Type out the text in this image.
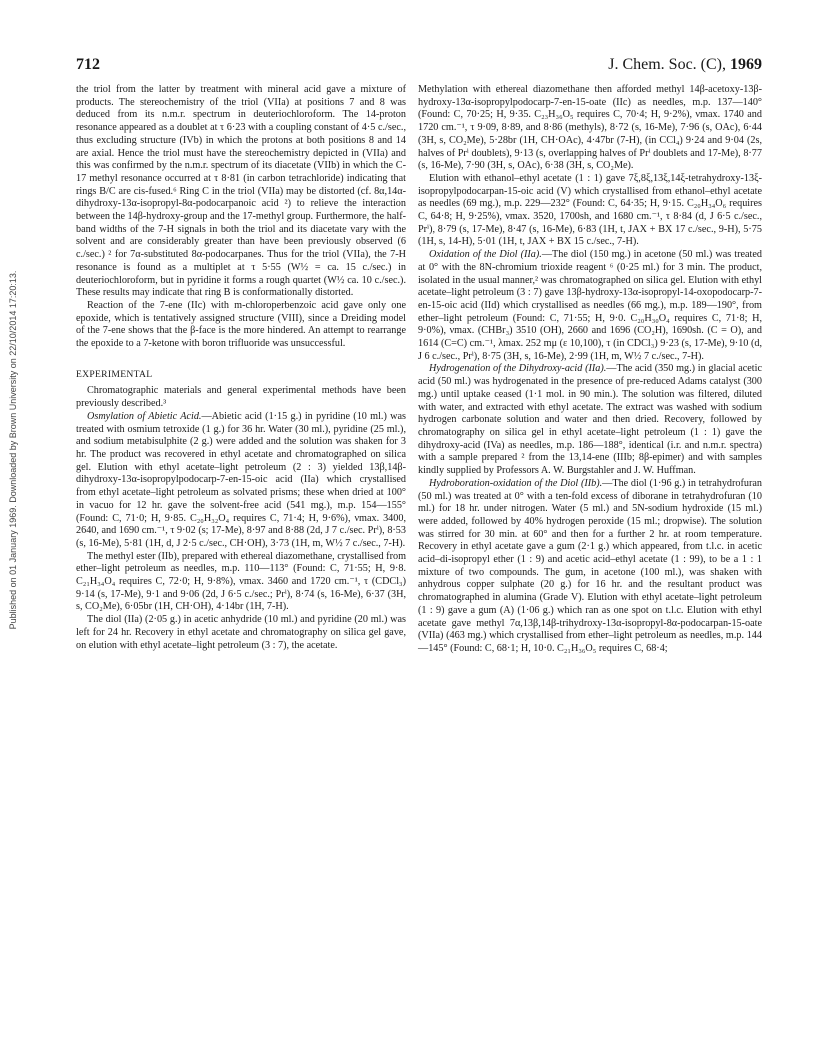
Published on 01 January 1969. Downloaded by Brown University on 22/10/2014 17:20:13.
712	J. Chem. Soc. (C), 1969

the triol from the latter by treatment with mineral acid gave a mixture of products. The stereochemistry of the triol (VIIa) at positions 7 and 8 was deduced from its n.m.r. spectrum in deuteriochloroform. The 14-proton resonance appeared as a doublet at τ 6·23 with a coupling constant of 4·5 c./sec., thus excluding structure (IVb) in which the protons at both positions 8 and 14 are axial. Hence the triol must have the stereochemistry depicted in (VIIa) and this was confirmed by the n.m.r. spectrum of its diacetate (VIIb) in which the C-17 methyl resonance occurred at τ 8·81 (in carbon tetrachloride) indicating that rings B/C are cis-fused.⁶ Ring C in the triol (VIIa) may be distorted (cf. 8α,14α-dihydroxy-13α-isopropyl-8α-podocarpanoic acid ²) to relieve the interaction between the 14β-hydroxy-group and the 17-methyl group. Furthermore, the half-band widths of the 7-H signals in both the triol and its diacetate vary with the solvent and are considerably greater than have been previously observed (6 c./sec.) ² for 7α-substituted 8α-podocarpanes. Thus for the triol (VIIa), the 7-H resonance is found as a multiplet at τ 5·55 (W½ = ca. 15 c./sec.) in deuteriochloroform, but in pyridine it forms a rough quartet (W½ ca. 10 c./sec.). These results may indicate that ring B is conformationally distorted.

Reaction of the 7-ene (IIc) with m-chloroperbenzoic acid gave only one epoxide, which is tentatively assigned structure (VIII), since a Dreiding model of the 7-ene shows that the β-face is the more hindered. An attempt to rearrange the epoxide to a 7-ketone with boron trifluoride was unsuccessful.

EXPERIMENTAL

Chromatographic materials and general experimental methods have been previously described.³

Osmylation of Abietic Acid.—Abietic acid (1·15 g.) in pyridine (10 ml.) was treated with osmium tetroxide (1 g.) for 36 hr. Water (30 ml.), pyridine (25 ml.), and sodium metabisulphite (2 g.) were added and the solution was shaken for 3 hr. The product was recovered in ethyl acetate and chromatographed on silica gel. Elution with ethyl acetate–light petroleum (2 : 3) yielded 13β,14β-dihydroxy-13α-isopropylpodocarp-7-en-15-oic acid (IIa) which crystallised from ethyl acetate–light petroleum as solvated prisms; these when dried at 100° in vacuo for 12 hr. gave the solvent-free acid (541 mg.), m.p. 154—155° (Found: C, 71·0; H, 9·85. C₂₀H₃₂O₄ requires C, 71·4; H, 9·6%), νmax. 3400, 2640, and 1690 cm.⁻¹, τ 9·02 (s; 17-Me), 8·97 and 8·88 (2d, J 7 c./sec. Prⁱ), 8·53 (s, 16-Me), 5·81 (1H, d, J 2·5 c./sec., CH·OH), 3·73 (1H, m, W½ 7 c./sec., 7-H).

The methyl ester (IIb), prepared with ethereal diazomethane, crystallised from ether–light petroleum as needles, m.p. 110—113° (Found: C, 71·55; H, 9·8. C₂₁H₃₄O₄ requires C, 72·0; H, 9·8%), νmax. 3460 and 1720 cm.⁻¹, τ (CDCl₃) 9·14 (s, 17-Me), 9·1 and 9·06 (2d, J 6·5 c./sec.; Prⁱ), 8·74 (s, 16-Me), 6·37 (3H, s, CO₂Me), 6·05br (1H, CH·OH), 4·14br (1H, 7-H).

The diol (IIa) (2·05 g.) in acetic anhydride (10 ml.) and pyridine (20 ml.) was left for 24 hr. Recovery in ethyl acetate and chromatography on silica gel gave, on elution with ethyl acetate–light petroleum (3 : 7), the acetate.

Methylation with ethereal diazomethane then afforded methyl 14β-acetoxy-13β-hydroxy-13α-isopropylpodocarp-7-en-15-oate (IIc) as needles, m.p. 137—140° (Found: C, 70·25; H, 9·35. C₂₃H₃₆O₅ requires C, 70·4; H, 9·2%), νmax. 1740 and 1720 cm.⁻¹, τ 9·09, 8·89, and 8·86 (methyls), 8·72 (s, 16-Me), 7·96 (s, OAc), 6·44 (3H, s, CO₂Me), 5·28br (1H, CH·OAc), 4·47br (7-H), (in CCl₄) 9·24 and 9·04 (2s, halves of Prⁱ doublets), 9·13 (s, overlapping halves of Prⁱ doublets and 17-Me), 8·77 (s, 16-Me), 7·90 (3H, s, OAc), 6·38 (3H, s, CO₂Me).

Elution with ethanol–ethyl acetate (1 : 1) gave 7ξ,8ξ,13ξ,14ξ-tetrahydroxy-13ξ-isopropylpodocarpan-15-oic acid (V) which crystallised from ethanol–ethyl acetate as needles (69 mg.), m.p. 229—232° (Found: C, 64·35; H, 9·15. C₂₀H₃₄O₆ requires C, 64·8; H, 9·25%), νmax. 3520, 1700sh, and 1680 cm.⁻¹, τ 8·84 (d, J 6·5 c./sec., Prⁱ), 8·79 (s, 17-Me), 8·47 (s, 16-Me), 6·83 (1H, t, JAX + BX 17 c./sec., 9-H), 5·75 (1H, s, 14-H), 5·01 (1H, t, JAX + BX 15 c./sec., 7-H).

Oxidation of the Diol (IIa).—The diol (150 mg.) in acetone (50 ml.) was treated at 0° with the 8N-chromium trioxide reagent ⁶ (0·25 ml.) for 3 min. The product, isolated in the usual manner,² was chromatographed on silica gel. Elution with ethyl acetate–light petroleum (3 : 7) gave 13β-hydroxy-13α-isopropyl-14-oxopodocarp-7-en-15-oic acid (IId) which crystallised as needles (66 mg.), m.p. 189—190°, from ether–light petroleum (Found: C, 71·55; H, 9·0. C₂₀H₃₀O₄ requires C, 71·8; H, 9·0%), νmax. (CHBr₃) 3510 (OH), 2660 and 1696 (CO₂H), 1690sh. (C = O), and 1614 (C=C) cm.⁻¹, λmax. 252 mμ (ε 10,100), τ (in CDCl₃) 9·23 (s, 17-Me), 9·10 (d, J 6 c./sec., Prⁱ), 8·75 (3H, s, 16-Me), 2·99 (1H, m, W½ 7 c./sec., 7-H).

Hydrogenation of the Dihydroxy-acid (IIa).—The acid (350 mg.) in glacial acetic acid (50 ml.) was hydrogenated in the presence of pre-reduced Adams catalyst (300 mg.) until uptake ceased (1·1 mol. in 90 min.). The solution was filtered, diluted with water, and extracted with ethyl acetate. The extract was washed with sodium hydrogen carbonate solution and water and then dried. Recovery, followed by chromatography on silica gel in ethyl acetate–light petroleum (1 : 1) gave the dihydroxy-acid (IVa) as needles, m.p. 186—188°, identical (i.r. and n.m.r. spectra) with a sample prepared ² from the 13,14-ene (IIIb; 8β-epimer) and with samples kindly supplied by Professors A. W. Burgstahler and J. W. Huffman.

Hydroboration-oxidation of the Diol (IIb).—The diol (1·96 g.) in tetrahydrofuran (50 ml.) was treated at 0° with a ten-fold excess of diborane in tetrahydrofuran (10 ml.) for 18 hr. under nitrogen. Water (5 ml.) and 5N-sodium hydroxide (15 ml.) were added, followed by 40% hydrogen peroxide (15 ml.; dropwise). The solution was stirred for 30 min. at 60° and then for a further 2 hr. at room temperature. Recovery in ethyl acetate gave a gum (2·1 g.) which appeared, from t.l.c. in acetic acid–di-isopropyl ether (1 : 9) and acetic acid–ethyl acetate (1 : 99), to be a 1 : 1 mixture of two compounds. The gum, in acetone (100 ml.), was shaken with anhydrous copper sulphate (20 g.) for 16 hr. and the resultant product was chromatographed in alumina (Grade V). Elution with ethyl acetate–light petroleum (1 : 9) gave a gum (A) (1·06 g.) which ran as one spot on t.l.c. Elution with ethyl acetate gave methyl 7α,13β,14β-trihydroxy-13α-isopropyl-8α-podocarpan-15-oate (VIIa) (463 mg.) which crystallised from ether–light petroleum as needles, m.p. 144—145° (Found: C, 68·1; H, 10·0. C₂₁H₃₆O₅ requires C, 68·4;
